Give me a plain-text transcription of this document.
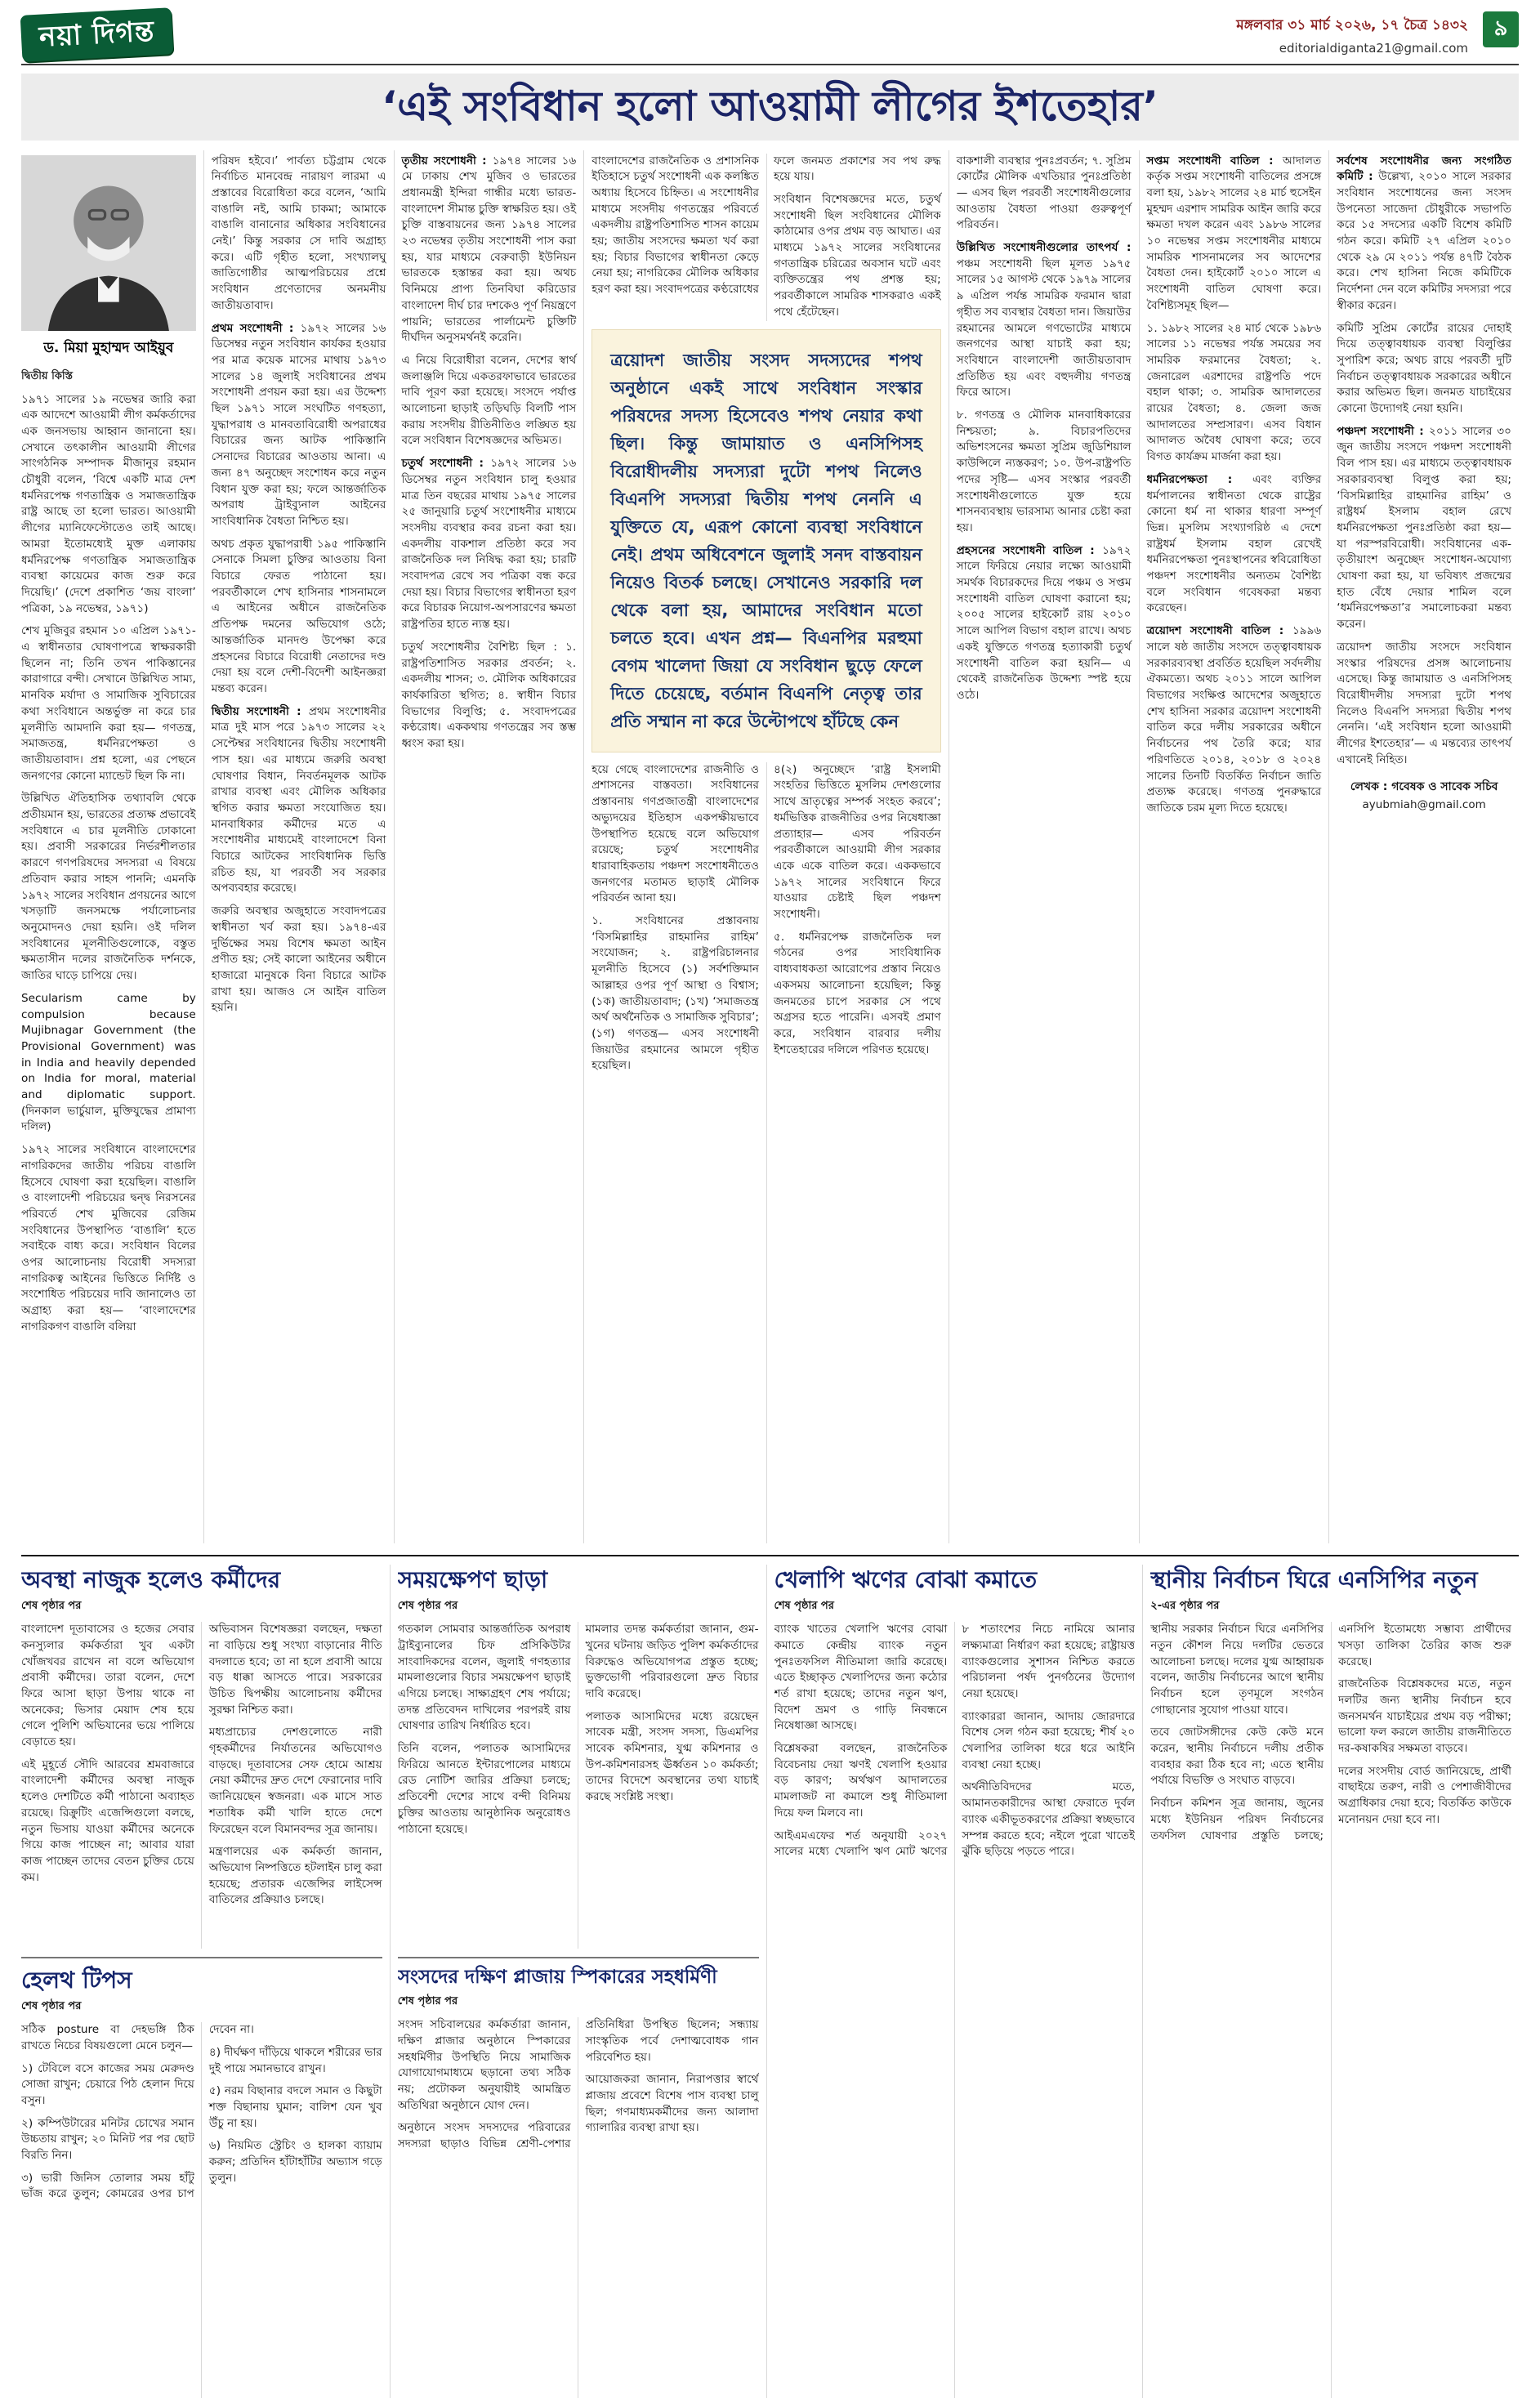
নয়া দিগন্ত	মঙ্গলবার ৩১ মার্চ ২০২৬, ১৭ চৈত্র ১৪৩২
editorialdiganta21@gmail.com
৯
‘এই সংবিধান হলো আওয়ামী লীগের ইশতেহার’
ড. মিয়া মুহাম্মদ আইয়ুব
দ্বিতীয় কিস্তি

১৯৭১ সালের ১৯ নভেম্বর জারি করা এক আদেশে আওয়ামী লীগ কর্মকর্তাদের এক জনসভায় আহ্বান জানানো হয়। সেখানে তৎকালীন আওয়ামী লীগের সাংগঠনিক সম্পাদক মীজানুর রহমান চৌধুরী বলেন, ‘বিশ্বে একটি মাত্র দেশ ধর্মনিরপেক্ষ গণতান্ত্রিক ও সমাজতান্ত্রিক রাষ্ট্র আছে তা হলো ভারত। আওয়ামী লীগের ম্যানিফেস্টোতেও তাই আছে। আমরা ইতোমধ্যেই মুক্ত এলাকায় ধর্মনিরপেক্ষ গণতান্ত্রিক সমাজতান্ত্রিক ব্যবস্থা কায়েমের কাজ শুরু করে দিয়েছি।’ (দেশে প্রকাশিত ‘জয় বাংলা’ পত্রিকা, ১৯ নভেম্বর, ১৯৭১)

শেখ মুজিবুর রহমান ১০ এপ্রিল ১৯৭১-এ স্বাধীনতার ঘোষণাপত্রে স্বাক্ষরকারী ছিলেন না; তিনি তখন পাকিস্তানের কারাগারে বন্দী। সেখানে উল্লিখিত সাম্য, মানবিক মর্যাদা ও সামাজিক সুবিচারের কথা সংবিধানে অন্তর্ভুক্ত না করে চার মূলনীতি আমদানি করা হয়— গণতন্ত্র, সমাজতন্ত্র, ধর্মনিরপেক্ষতা ও জাতীয়তাবাদ। প্রশ্ন হলো, এর পেছনে জনগণের কোনো ম্যান্ডেট ছিল কি না।

উল্লিখিত ঐতিহাসিক তথ্যাবলি থেকে প্রতীয়মান হয়, ভারতের প্রত্যক্ষ প্রভাবেই সংবিধানে এ চার মূলনীতি ঢোকানো হয়। প্রবাসী সরকারের নির্ভরশীলতার কারণে গণপরিষদের সদস্যরা এ বিষয়ে প্রতিবাদ করার সাহস পাননি; এমনকি ১৯৭২ সালের সংবিধান প্রণয়নের আগে খসড়াটি জনসমক্ষে পর্যালোচনার অনুমোদনও দেয়া হয়নি। ওই দলিল সংবিধানের মূলনীতিগুলোকে, বস্তুত ক্ষমতাসীন দলের রাজনৈতিক দর্শনকে, জাতির ঘাড়ে চাপিয়ে দেয়।

Secularism came by compulsion because Mujibnagar Government (the Provisional Government) was in India and heavily depended on India for moral, material and diplomatic support. (দিনকাল ভার্চুয়াল, মুক্তিযুদ্ধের প্রামাণ্য দলিল)

১৯৭২ সালের সংবিধানে বাংলাদেশের নাগরিকদের জাতীয় পরিচয় বাঙালি হিসেবে ঘোষণা করা হয়েছিল। বাঙালি ও বাংলাদেশী পরিচয়ের দ্বন্দ্ব নিরসনের পরিবর্তে শেখ মুজিবের রেজিম সংবিধানের উপস্থাপিত ‘বাঙালি’ হতে সবাইকে বাধ্য করে। সংবিধান বিলের ওপর আলোচনায় বিরোধী সদস্যরা নাগরিকত্ব আইনের ভিত্তিতে নির্দিষ্ট ও সংশোধিত পরিচয়ের দাবি জানালেও তা অগ্রাহ্য করা হয়— ‘বাংলাদেশের নাগরিকগণ বাঙালি বলিয়া

পরিষদ হইবে।’ পার্বত্য চট্টগ্রাম থেকে নির্বাচিত মানবেন্দ্র নারায়ণ লারমা এ প্রস্তাবের বিরোধিতা করে বলেন, ‘আমি বাঙালি নই, আমি চাকমা; আমাকে বাঙালি বানানোর অধিকার সংবিধানের নেই।’ কিন্তু সরকার সে দাবি অগ্রাহ্য করে। এটি গৃহীত হলো, সংখ্যালঘু জাতিগোষ্ঠীর আত্মপরিচয়ের প্রশ্নে সংবিধান প্রণেতাদের অনমনীয় জাতীয়তাবাদ।

প্রথম সংশোধনী : ১৯৭২ সালের ১৬ ডিসেম্বর নতুন সংবিধান কার্যকর হওয়ার পর মাত্র কয়েক মাসের মাথায় ১৯৭৩ সালের ১৪ জুলাই সংবিধানের প্রথম সংশোধনী প্রণয়ন করা হয়। এর উদ্দেশ্য ছিল ১৯৭১ সালে সংঘটিত গণহত্যা, যুদ্ধাপরাধ ও মানবতাবিরোধী অপরাধের বিচারের জন্য আটক পাকিস্তানি সেনাদের বিচারের আওতায় আনা। এ জন্য ৪৭ অনুচ্ছেদ সংশোধন করে নতুন বিধান যুক্ত করা হয়; ফলে আন্তর্জাতিক অপরাধ ট্রাইব্যুনাল আইনের সাংবিধানিক বৈধতা নিশ্চিত হয়।

অথচ প্রকৃত যুদ্ধাপরাধী ১৯৫ পাকিস্তানি সেনাকে সিমলা চুক্তির আওতায় বিনা বিচারে ফেরত পাঠানো হয়। পরবর্তীকালে শেখ হাসিনার শাসনামলে এ আইনের অধীনে রাজনৈতিক প্রতিপক্ষ দমনের অভিযোগ ওঠে; আন্তর্জাতিক মানদণ্ড উপেক্ষা করে প্রহসনের বিচারে বিরোধী নেতাদের দণ্ড দেয়া হয় বলে দেশী-বিদেশী আইনজ্ঞরা মন্তব্য করেন।

দ্বিতীয় সংশোধনী : প্রথম সংশোধনীর মাত্র দুই মাস পরে ১৯৭৩ সালের ২২ সেপ্টেম্বর সংবিধানের দ্বিতীয় সংশোধনী পাস হয়। এর মাধ্যমে জরুরি অবস্থা ঘোষণার বিধান, নিবর্তনমূলক আটক রাখার ব্যবস্থা এবং মৌলিক অধিকার স্থগিত করার ক্ষমতা সংযোজিত হয়। মানবাধিকার কর্মীদের মতে এ সংশোধনীর মাধ্যমেই বাংলাদেশে বিনা বিচারে আটকের সাংবিধানিক ভিত্তি রচিত হয়, যা পরবর্তী সব সরকার অপব্যবহার করেছে।

জরুরি অবস্থার অজুহাতে সংবাদপত্রের স্বাধীনতা খর্ব করা হয়। ১৯৭৪-এর দুর্ভিক্ষের সময় বিশেষ ক্ষমতা আইন প্রণীত হয়; সেই কালো আইনের অধীনে হাজারো মানুষকে বিনা বিচারে আটক রাখা হয়। আজও সে আইন বাতিল হয়নি।

তৃতীয় সংশোধনী : ১৯৭৪ সালের ১৬ মে ঢাকায় শেখ মুজিব ও ভারতের প্রধানমন্ত্রী ইন্দিরা গান্ধীর মধ্যে ভারত-বাংলাদেশ সীমান্ত চুক্তি স্বাক্ষরিত হয়। ওই চুক্তি বাস্তবায়নের জন্য ১৯৭৪ সালের ২৩ নভেম্বর তৃতীয় সংশোধনী পাস করা হয়, যার মাধ্যমে বেরুবাড়ী ইউনিয়ন ভারতকে হস্তান্তর করা হয়। অথচ বিনিময়ে প্রাপ্য তিনবিঘা করিডোর বাংলাদেশ দীর্ঘ চার দশকেও পূর্ণ নিয়ন্ত্রণে পায়নি; ভারতের পার্লামেন্ট চুক্তিটি দীর্ঘদিন অনুসমর্থনই করেনি।

এ নিয়ে বিরোধীরা বলেন, দেশের স্বার্থ জলাঞ্জলি দিয়ে একতরফাভাবে ভারতের দাবি পূরণ করা হয়েছে। সংসদে পর্যাপ্ত আলোচনা ছাড়াই তড়িঘড়ি বিলটি পাস করায় সংসদীয় রীতিনীতিও লঙ্ঘিত হয় বলে সংবিধান বিশেষজ্ঞদের অভিমত।

চতুর্থ সংশোধনী : ১৯৭২ সালের ১৬ ডিসেম্বর নতুন সংবিধান চালু হওয়ার মাত্র তিন বছরের মাথায় ১৯৭৫ সালের ২৫ জানুয়ারি চতুর্থ সংশোধনীর মাধ্যমে সংসদীয় ব্যবস্থার কবর রচনা করা হয়। একদলীয় বাকশাল প্রতিষ্ঠা করে সব রাজনৈতিক দল নিষিদ্ধ করা হয়; চারটি সংবাদপত্র রেখে সব পত্রিকা বন্ধ করে দেয়া হয়। বিচার বিভাগের স্বাধীনতা হরণ করে বিচারক নিয়োগ-অপসারণের ক্ষমতা রাষ্ট্রপতির হাতে ন্যস্ত হয়।

চতুর্থ সংশোধনীর বৈশিষ্ট্য ছিল : ১. রাষ্ট্রপতিশাসিত সরকার প্রবর্তন; ২. একদলীয় শাসন; ৩. মৌলিক অধিকারের কার্যকারিতা স্থগিত; ৪. স্বাধীন বিচার বিভাগের বিলুপ্তি; ৫. সংবাদপত্রের কণ্ঠরোধ। এককথায় গণতন্ত্রের সব স্তম্ভ ধ্বংস করা হয়।

বাংলাদেশের রাজনৈতিক ও প্রশাসনিক ইতিহাসে চতুর্থ সংশোধনী এক কলঙ্কিত অধ্যায় হিসেবে চিহ্নিত। এ সংশোধনীর মাধ্যমে সংসদীয় গণতন্ত্রের পরিবর্তে একদলীয় রাষ্ট্রপতিশাসিত শাসন কায়েম হয়; জাতীয় সংসদের ক্ষমতা খর্ব করা হয়; বিচার বিভাগের স্বাধীনতা কেড়ে নেয়া হয়; নাগরিকের মৌলিক অধিকার হরণ করা হয়। সংবাদপত্রের কণ্ঠরোধের ফলে জনমত প্রকাশের সব পথ রুদ্ধ হয়ে যায়।

সংবিধান বিশেষজ্ঞদের মতে, চতুর্থ সংশোধনী ছিল সংবিধানের মৌলিক কাঠামোর ওপর প্রথম বড় আঘাত। এর মাধ্যমে ১৯৭২ সালের সংবিধানের গণতান্ত্রিক চরিত্রের অবসান ঘটে এবং ব্যক্তিতন্ত্রের পথ প্রশস্ত হয়; পরবর্তীকালে সামরিক শাসকরাও একই পথে হেঁটেছেন।

ত্রয়োদশ জাতীয় সংসদ সদস্যদের শপথ অনুষ্ঠানে একই সাথে সংবিধান সংস্কার পরিষদের সদস্য হিসেবেও শপথ নেয়ার কথা ছিল। কিন্তু জামায়াত ও এনসিপিসহ বিরোধীদলীয় সদস্যরা দুটো শপথ নিলেও বিএনপি সদস্যরা দ্বিতীয় শপথ নেননি এ যুক্তিতে যে, এরূপ কোনো ব্যবস্থা সংবিধানে নেই। প্রথম অধিবেশনে জুলাই সনদ বাস্তবায়ন নিয়েও বিতর্ক চলছে। সেখানেও সরকারি দল থেকে বলা হয়, আমাদের সংবিধান মতো চলতে হবে। এখন প্রশ্ন— বিএনপির মরহুমা বেগম খালেদা জিয়া যে সংবিধান ছুড়ে ফেলে দিতে চেয়েছে, বর্তমান বিএনপি নেতৃত্ব তার প্রতি সম্মান না করে উল্টোপথে হাঁটছে কেন

হয়ে গেছে বাংলাদেশের রাজনীতি ও প্রশাসনের বাস্তবতা। সংবিধানের প্রস্তাবনায় গণপ্রজাতন্ত্রী বাংলাদেশের অভ্যুদয়ের ইতিহাস একপক্ষীয়ভাবে উপস্থাপিত হয়েছে বলে অভিযোগ রয়েছে; চতুর্থ সংশোধনীর ধারাবাহিকতায় পঞ্চদশ সংশোধনীতেও জনগণের মতামত ছাড়াই মৌলিক পরিবর্তন আনা হয়।

১. সংবিধানের প্রস্তাবনায় ‘বিসমিল্লাহির রাহমানির রাহিম’ সংযোজন; ২. রাষ্ট্রপরিচালনার মূলনীতি হিসেবে (১) সর্বশক্তিমান আল্লাহর ওপর পূর্ণ আস্থা ও বিশ্বাস; (১ক) জাতীয়তাবাদ; (১খ) ‘সমাজতন্ত্র অর্থ অর্থনৈতিক ও সামাজিক সুবিচার’; (১গ) গণতন্ত্র— এসব সংশোধনী জিয়াউর রহমানের আমলে গৃহীত হয়েছিল।

৪(২) অনুচ্ছেদে ‘রাষ্ট্র ইসলামী সংহতির ভিত্তিতে মুসলিম দেশগুলোর সাথে ভ্রাতৃত্বের সম্পর্ক সংহত করবে’; ধর্মভিত্তিক রাজনীতির ওপর নিষেধাজ্ঞা প্রত্যাহার— এসব পরিবর্তন পরবর্তীকালে আওয়ামী লীগ সরকার একে একে বাতিল করে। এককভাবে ১৯৭২ সালের সংবিধানে ফিরে যাওয়ার চেষ্টাই ছিল পঞ্চদশ সংশোধনী।

৫. ধর্মনিরপেক্ষ রাজনৈতিক দল গঠনের ওপর সাংবিধানিক বাধ্যবাধকতা আরোপের প্রস্তাব নিয়েও একসময় আলোচনা হয়েছিল; কিন্তু জনমতের চাপে সরকার সে পথে অগ্রসর হতে পারেনি। এসবই প্রমাণ করে, সংবিধান বারবার দলীয় ইশতেহারের দলিলে পরিণত হয়েছে।

বাকশালী ব্যবস্থার পুনঃপ্রবর্তন; ৭. সুপ্রিম কোর্টের মৌলিক এখতিয়ার পুনঃপ্রতিষ্ঠা— এসব ছিল পরবর্তী সংশোধনীগুলোর আওতায় বৈধতা পাওয়া গুরুত্বপূর্ণ পরিবর্তন।

উল্লিখিত সংশোধনীগুলোর তাৎপর্য : পঞ্চম সংশোধনী ছিল মূলত ১৯৭৫ সালের ১৫ আগস্ট থেকে ১৯৭৯ সালের ৯ এপ্রিল পর্যন্ত সামরিক ফরমান দ্বারা গৃহীত সব ব্যবস্থার বৈধতা দান। জিয়াউর রহমানের আমলে গণভোটের মাধ্যমে জনগণের আস্থা যাচাই করা হয়; সংবিধানে বাংলাদেশী জাতীয়তাবাদ প্রতিষ্ঠিত হয় এবং বহুদলীয় গণতন্ত্র ফিরে আসে।

৮. গণতন্ত্র ও মৌলিক মানবাধিকারের নিশ্চয়তা; ৯. বিচারপতিদের অভিশংসনের ক্ষমতা সুপ্রিম জুডিশিয়াল কাউন্সিলে ন্যস্তকরণ; ১০. উপ-রাষ্ট্রপতি পদের সৃষ্টি— এসব সংস্কার পরবর্তী সংশোধনীগুলোতে যুক্ত হয়ে শাসনব্যবস্থায় ভারসাম্য আনার চেষ্টা করা হয়।

প্রহসনের সংশোধনী বাতিল : ১৯৭২ সালে ফিরিয়ে নেয়ার লক্ষ্যে আওয়ামী সমর্থক বিচারকদের দিয়ে পঞ্চম ও সপ্তম সংশোধনী বাতিল ঘোষণা করানো হয়; ২০০৫ সালের হাইকোর্ট রায় ২০১০ সালে আপিল বিভাগ বহাল রাখে। অথচ একই যুক্তিতে গণতন্ত্র হত্যাকারী চতুর্থ সংশোধনী বাতিল করা হয়নি— এ থেকেই রাজনৈতিক উদ্দেশ্য স্পষ্ট হয়ে ওঠে।

সপ্তম সংশোধনী বাতিল : আদালত কর্তৃক সপ্তম সংশোধনী বাতিলের প্রসঙ্গে বলা হয়, ১৯৮২ সালের ২৪ মার্চ হুসেইন মুহম্মদ এরশাদ সামরিক আইন জারি করে ক্ষমতা দখল করেন এবং ১৯৮৬ সালের ১০ নভেম্বর সপ্তম সংশোধনীর মাধ্যমে সামরিক শাসনামলের সব আদেশের বৈধতা দেন। হাইকোর্ট ২০১০ সালে এ সংশোধনী বাতিল ঘোষণা করে। বৈশিষ্ট্যসমূহ ছিল—

১. ১৯৮২ সালের ২৪ মার্চ থেকে ১৯৮৬ সালের ১১ নভেম্বর পর্যন্ত সময়ের সব সামরিক ফরমানের বৈধতা; ২. জেনারেল এরশাদের রাষ্ট্রপতি পদে বহাল থাকা; ৩. সামরিক আদালতের রায়ের বৈধতা; ৪. জেলা জজ আদালতের সম্প্রসারণ। এসব বিধান আদালত অবৈধ ঘোষণা করে; তবে বিগত কার্যক্রম মার্জনা করা হয়।

ধর্মনিরপেক্ষতা : এবং ব্যক্তির ধর্মপালনের স্বাধীনতা থেকে রাষ্ট্রের কোনো ধর্ম না থাকার ধারণা সম্পূর্ণ ভিন্ন। মুসলিম সংখ্যাগরিষ্ঠ এ দেশে রাষ্ট্রধর্ম ইসলাম বহাল রেখেই ধর্মনিরপেক্ষতা পুনঃস্থাপনের স্ববিরোধিতা পঞ্চদশ সংশোধনীর অন্যতম বৈশিষ্ট্য বলে সংবিধান গবেষকরা মন্তব্য করেছেন।

ত্রয়োদশ সংশোধনী বাতিল : ১৯৯৬ সালে ষষ্ঠ জাতীয় সংসদে তত্ত্বাবধায়ক সরকারব্যবস্থা প্রবর্তিত হয়েছিল সর্বদলীয় ঐকমত্যে। অথচ ২০১১ সালে আপিল বিভাগের সংক্ষিপ্ত আদেশের অজুহাতে শেখ হাসিনা সরকার ত্রয়োদশ সংশোধনী বাতিল করে দলীয় সরকারের অধীনে নির্বাচনের পথ তৈরি করে; যার পরিণতিতে ২০১৪, ২০১৮ ও ২০২৪ সালের তিনটি বিতর্কিত নির্বাচন জাতি প্রত্যক্ষ করেছে। গণতন্ত্র পুনরুদ্ধারে জাতিকে চরম মূল্য দিতে হয়েছে।

সর্বশেষ সংশোধনীর জন্য সংগঠিত কমিটি : উল্লেখ্য, ২০১০ সালে সরকার সংবিধান সংশোধনের জন্য সংসদ উপনেতা সাজেদা চৌধুরীকে সভাপতি করে ১৫ সদস্যের একটি বিশেষ কমিটি গঠন করে। কমিটি ২৭ এপ্রিল ২০১০ থেকে ২৯ মে ২০১১ পর্যন্ত ৪৭টি বৈঠক করে। শেখ হাসিনা নিজে কমিটিকে নির্দেশনা দেন বলে কমিটির সদস্যরা পরে স্বীকার করেন।

কমিটি সুপ্রিম কোর্টের রায়ের দোহাই দিয়ে তত্ত্বাবধায়ক ব্যবস্থা বিলুপ্তির সুপারিশ করে; অথচ রায়ে পরবর্তী দুটি নির্বাচন তত্ত্বাবধায়ক সরকারের অধীনে করার অভিমত ছিল। জনমত যাচাইয়ের কোনো উদ্যোগই নেয়া হয়নি।

পঞ্চদশ সংশোধনী : ২০১১ সালের ৩০ জুন জাতীয় সংসদে পঞ্চদশ সংশোধনী বিল পাস হয়। এর মাধ্যমে তত্ত্বাবধায়ক সরকারব্যবস্থা বিলুপ্ত করা হয়; ‘বিসমিল্লাহির রাহমানির রাহিম’ ও রাষ্ট্রধর্ম ইসলাম বহাল রেখে ধর্মনিরপেক্ষতা পুনঃপ্রতিষ্ঠা করা হয়— যা পরস্পরবিরোধী। সংবিধানের এক-তৃতীয়াংশ অনুচ্ছেদ সংশোধন-অযোগ্য ঘোষণা করা হয়, যা ভবিষ্যৎ প্রজন্মের হাত বেঁধে দেয়ার শামিল বলে ‘ধর্মনিরপেক্ষতা’র সমালোচকরা মন্তব্য করেন।

ত্রয়োদশ জাতীয় সংসদে সংবিধান সংস্কার পরিষদের প্রসঙ্গ আলোচনায় এসেছে। কিন্তু জামায়াত ও এনসিপিসহ বিরোধীদলীয় সদস্যরা দুটো শপথ নিলেও বিএনপি সদস্যরা দ্বিতীয় শপথ নেননি। ‘এই সংবিধান হলো আওয়ামী লীগের ইশতেহার’— এ মন্তব্যের তাৎপর্য এখানেই নিহিত।

লেখক : গবেষক ও সাবেক সচিব
ayubmiah@gmail.com
অবস্থা নাজুক হলেও কর্মীদের
শেষ পৃষ্ঠার পর

বাংলাদেশ দূতাবাসের ও হজের সেবার কনস্যুলার কর্মকর্তারা খুব একটা খোঁজখবর রাখেন না বলে অভিযোগ প্রবাসী কর্মীদের। তারা বলেন, দেশে ফিরে আসা ছাড়া উপায় থাকে না অনেকের; ভিসার মেয়াদ শেষ হয়ে গেলে পুলিশি অভিযানের ভয়ে পালিয়ে বেড়াতে হয়।

এই মুহূর্তে সৌদি আরবের শ্রমবাজারে বাংলাদেশী কর্মীদের অবস্থা নাজুক হলেও দেশটিতে কর্মী পাঠানো অব্যাহত রয়েছে। রিক্রুটিং এজেন্সিগুলো বলছে, নতুন ভিসায় যাওয়া কর্মীদের অনেকে গিয়ে কাজ পাচ্ছেন না; আবার যারা কাজ পাচ্ছেন তাদের বেতন চুক্তির চেয়ে কম।

অভিবাসন বিশেষজ্ঞরা বলছেন, দক্ষতা না বাড়িয়ে শুধু সংখ্যা বাড়ানোর নীতি বদলাতে হবে; তা না হলে প্রবাসী আয়ে বড় ধাক্কা আসতে পারে। সরকারের উচিত দ্বিপক্ষীয় আলোচনায় কর্মীদের সুরক্ষা নিশ্চিত করা।

মধ্যপ্রাচ্যের দেশগুলোতে নারী গৃহকর্মীদের নির্যাতনের অভিযোগও বাড়ছে। দূতাবাসের সেফ হোমে আশ্রয় নেয়া কর্মীদের দ্রুত দেশে ফেরানোর দাবি জানিয়েছেন স্বজনরা। এক মাসে সাত শতাধিক কর্মী খালি হাতে দেশে ফিরেছেন বলে বিমানবন্দর সূত্র জানায়।

মন্ত্রণালয়ের এক কর্মকর্তা জানান, অভিযোগ নিষ্পত্তিতে হটলাইন চালু করা হয়েছে; প্রতারক এজেন্সির লাইসেন্স বাতিলের প্রক্রিয়াও চলছে।

হেলথ টিপস
শেষ পৃষ্ঠার পর

সঠিক posture বা দেহভঙ্গি ঠিক রাখতে নিচের বিষয়গুলো মেনে চলুন—

১) টেবিলে বসে কাজের সময় মেরুদণ্ড সোজা রাখুন; চেয়ারে পিঠ হেলান দিয়ে বসুন।

২) কম্পিউটারের মনিটর চোখের সমান উচ্চতায় রাখুন; ২০ মিনিট পর পর ছোট বিরতি নিন।

৩) ভারী জিনিস তোলার সময় হাঁটু ভাঁজ করে তুলুন; কোমরের ওপর চাপ দেবেন না।

৪) দীর্ঘক্ষণ দাঁড়িয়ে থাকলে শরীরের ভার দুই পায়ে সমানভাবে রাখুন।

৫) নরম বিছানার বদলে সমান ও কিছুটা শক্ত বিছানায় ঘুমান; বালিশ যেন খুব উঁচু না হয়।

৬) নিয়মিত স্ট্রেচিং ও হালকা ব্যায়াম করুন; প্রতিদিন হাঁটাহাঁটির অভ্যাস গড়ে তুলুন।

সময়ক্ষেপণ ছাড়া
শেষ পৃষ্ঠার পর

গতকাল সোমবার আন্তর্জাতিক অপরাধ ট্রাইব্যুনালের চিফ প্রসিকিউটর সাংবাদিকদের বলেন, জুলাই গণহত্যার মামলাগুলোর বিচার সময়ক্ষেপণ ছাড়াই এগিয়ে চলছে। সাক্ষ্যগ্রহণ শেষ পর্যায়ে; তদন্ত প্রতিবেদন দাখিলের পরপরই রায় ঘোষণার তারিখ নির্ধারিত হবে।

তিনি বলেন, পলাতক আসামিদের ফিরিয়ে আনতে ইন্টারপোলের মাধ্যমে রেড নোটিশ জারির প্রক্রিয়া চলছে; প্রতিবেশী দেশের সাথে বন্দী বিনিময় চুক্তির আওতায় আনুষ্ঠানিক অনুরোধও পাঠানো হয়েছে।

মামলার তদন্ত কর্মকর্তারা জানান, গুম-খুনের ঘটনায় জড়িত পুলিশ কর্মকর্তাদের বিরুদ্ধেও অভিযোগপত্র প্রস্তুত হচ্ছে; ভুক্তভোগী পরিবারগুলো দ্রুত বিচার দাবি করেছে।

পলাতক আসামিদের মধ্যে রয়েছেন সাবেক মন্ত্রী, সংসদ সদস্য, ডিএমপির সাবেক কমিশনার, যুগ্ম কমিশনার ও উপ-কমিশনারসহ ঊর্ধ্বতন ১০ কর্মকর্তা; তাদের বিদেশে অবস্থানের তথ্য যাচাই করছে সংশ্লিষ্ট সংস্থা।

সংসদের দক্ষিণ প্লাজায় স্পিকারের সহধর্মিণী
শেষ পৃষ্ঠার পর

সংসদ সচিবালয়ের কর্মকর্তারা জানান, দক্ষিণ প্লাজার অনুষ্ঠানে স্পিকারের সহধর্মিণীর উপস্থিতি নিয়ে সামাজিক যোগাযোগমাধ্যমে ছড়ানো তথ্য সঠিক নয়; প্রটোকল অনুযায়ীই আমন্ত্রিত অতিথিরা অনুষ্ঠানে যোগ দেন।

অনুষ্ঠানে সংসদ সদস্যদের পরিবারের সদস্যরা ছাড়াও বিভিন্ন শ্রেণী-পেশার প্রতিনিধিরা উপস্থিত ছিলেন; সন্ধ্যায় সাংস্কৃতিক পর্বে দেশাত্মবোধক গান পরিবেশিত হয়।

আয়োজকরা জানান, নিরাপত্তার স্বার্থে প্লাজায় প্রবেশে বিশেষ পাস ব্যবস্থা চালু ছিল; গণমাধ্যমকর্মীদের জন্য আলাদা গ্যালারির ব্যবস্থা রাখা হয়।

খেলাপি ঋণের বোঝা কমাতে
শেষ পৃষ্ঠার পর

ব্যাংক খাতের খেলাপি ঋণের বোঝা কমাতে কেন্দ্রীয় ব্যাংক নতুন পুনঃতফসিল নীতিমালা জারি করেছে। এতে ইচ্ছাকৃত খেলাপিদের জন্য কঠোর শর্ত রাখা হয়েছে; তাদের নতুন ঋণ, বিদেশ ভ্রমণ ও গাড়ি নিবন্ধনে নিষেধাজ্ঞা আসছে।

বিশ্লেষকরা বলছেন, রাজনৈতিক বিবেচনায় দেয়া ঋণই খেলাপি হওয়ার বড় কারণ; অর্থঋণ আদালতের মামলাজট না কমালে শুধু নীতিমালা দিয়ে ফল মিলবে না।

আইএমএফের শর্ত অনুযায়ী ২০২৭ সালের মধ্যে খেলাপি ঋণ মোট ঋণের ৮ শতাংশের নিচে নামিয়ে আনার লক্ষ্যমাত্রা নির্ধারণ করা হয়েছে; রাষ্ট্রায়ত্ত ব্যাংকগুলোর সুশাসন নিশ্চিত করতে পরিচালনা পর্ষদ পুনর্গঠনের উদ্যোগ নেয়া হয়েছে।

ব্যাংকাররা জানান, আদায় জোরদারে বিশেষ সেল গঠন করা হয়েছে; শীর্ষ ২০ খেলাপির তালিকা ধরে ধরে আইনি ব্যবস্থা নেয়া হচ্ছে।

অর্থনীতিবিদদের মতে, আমানতকারীদের আস্থা ফেরাতে দুর্বল ব্যাংক একীভূতকরণের প্রক্রিয়া স্বচ্ছভাবে সম্পন্ন করতে হবে; নইলে পুরো খাতেই ঝুঁকি ছড়িয়ে পড়তে পারে।

স্থানীয় নির্বাচন ঘিরে এনসিপির নতুন
২-এর পৃষ্ঠার পর

স্থানীয় সরকার নির্বাচন ঘিরে এনসিপির নতুন কৌশল নিয়ে দলটির ভেতরে আলোচনা চলছে। দলের যুগ্ম আহ্বায়ক বলেন, জাতীয় নির্বাচনের আগে স্থানীয় নির্বাচন হলে তৃণমূলে সংগঠন গোছানোর সুযোগ পাওয়া যাবে।

তবে জোটসঙ্গীদের কেউ কেউ মনে করেন, স্থানীয় নির্বাচনে দলীয় প্রতীক ব্যবহার করা ঠিক হবে না; এতে স্থানীয় পর্যায়ে বিভক্তি ও সংঘাত বাড়বে।

নির্বাচন কমিশন সূত্র জানায়, জুনের মধ্যে ইউনিয়ন পরিষদ নির্বাচনের তফসিল ঘোষণার প্রস্তুতি চলছে; এনসিপি ইতোমধ্যে সম্ভাব্য প্রার্থীদের খসড়া তালিকা তৈরির কাজ শুরু করেছে।

রাজনৈতিক বিশ্লেষকদের মতে, নতুন দলটির জন্য স্থানীয় নির্বাচন হবে জনসমর্থন যাচাইয়ের প্রথম বড় পরীক্ষা; ভালো ফল করলে জাতীয় রাজনীতিতে দর-কষাকষির সক্ষমতা বাড়বে।

দলের সংসদীয় বোর্ড জানিয়েছে, প্রার্থী বাছাইয়ে তরুণ, নারী ও পেশাজীবীদের অগ্রাধিকার দেয়া হবে; বিতর্কিত কাউকে মনোনয়ন দেয়া হবে না।
